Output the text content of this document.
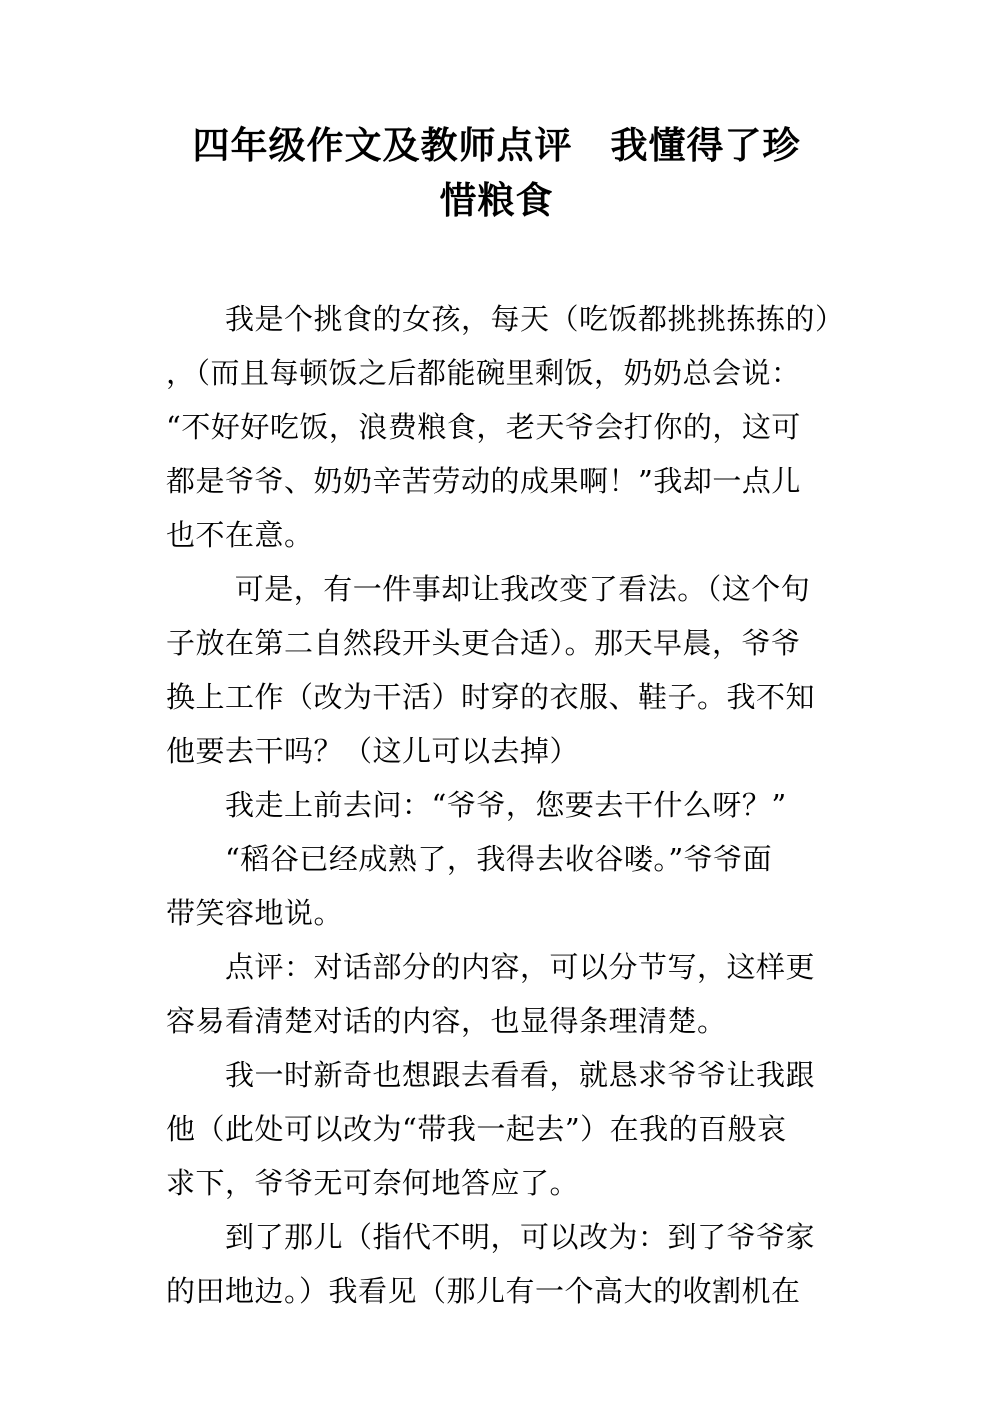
四年级作文及教师点评　我懂得了珍
惜粮食
　　我是个挑食的女孩，每天（吃饭都挑挑拣拣的）
，（而且每顿饭之后都能碗里剩饭，奶奶总会说：
“不好好吃饭，浪费粮食，老天爷会打你的，这可
都是爷爷、奶奶辛苦劳动的成果啊！”我却一点儿
也不在意。
　　 可是，有一件事却让我改变了看法。（这个句
子放在第二自然段开头更合适）。那天早晨，爷爷
换上工作（改为干活）时穿的衣服、鞋子。我不知
他要去干吗？（这儿可以去掉）
　　我走上前去问：“爷爷，您要去干什么呀？”
　　“稻谷已经成熟了，我得去收谷喽。”爷爷面
带笑容地说。
　　点评：对话部分的内容，可以分节写，这样更
容易看清楚对话的内容，也显得条理清楚。
　　我一时新奇也想跟去看看，就恳求爷爷让我跟
他（此处可以改为“带我一起去”）在我的百般哀
求下，爷爷无可奈何地答应了。
　　到了那儿（指代不明，可以改为：到了爷爷家
的田地边。）我看见（那儿有一个高大的收割机在
